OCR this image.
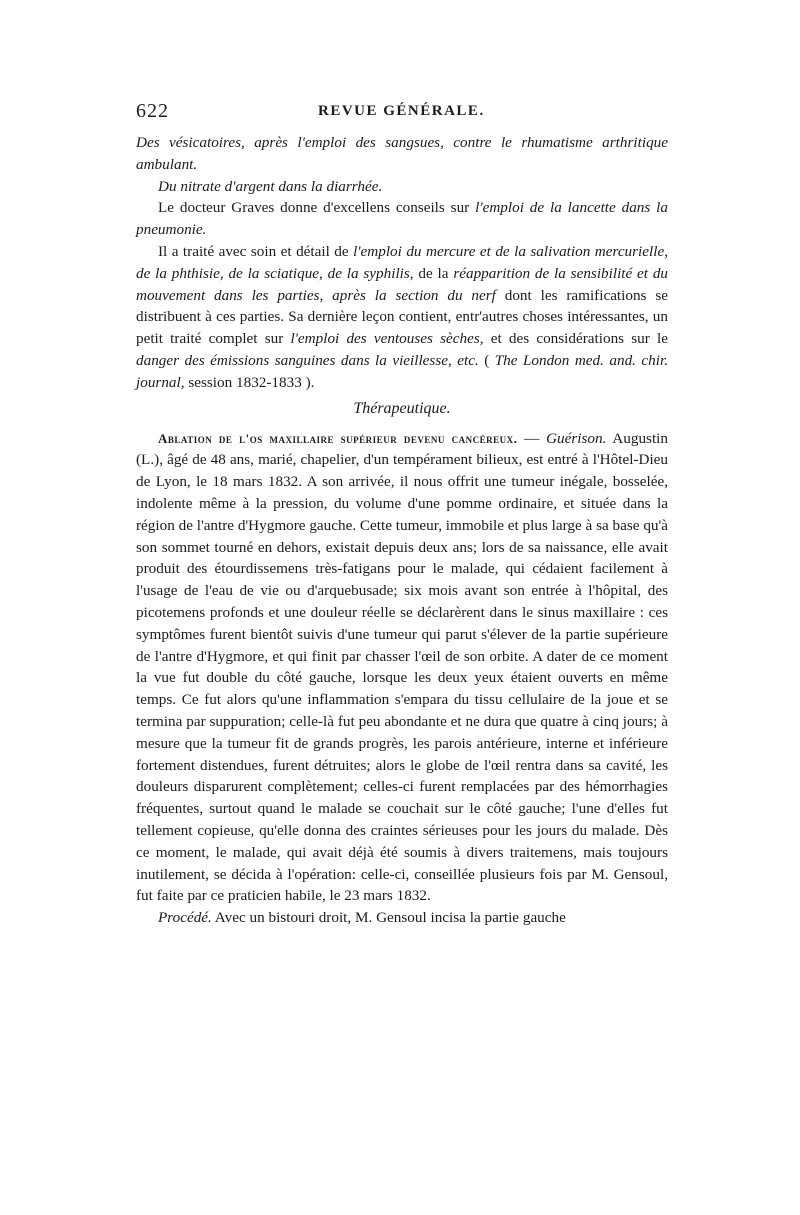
622	REVUE GÉNÉRALE.

Des vésicatoires, après l'emploi des sangsues, contre le rhumatisme arthritique ambulant.

Du nitrate d'argent dans la diarrhée.

Le docteur Graves donne d'excellens conseils sur l'emploi de la lancette dans la pneumonie.

Il a traité avec soin et détail de l'emploi du mercure et de la salivation mercurielle, de la phthisie, de la sciatique, de la syphilis, de la réapparition de la sensibilité et du mouvement dans les parties, après la section du nerf dont les ramifications se distribuent à ces parties. Sa dernière leçon contient, entr'autres choses intéressantes, un petit traité complet sur l'emploi des ventouses sèches, et des considérations sur le danger des émissions sanguines dans la vieillesse, etc. ( The London med. and. chir. journal, session 1832-1833 ).

Thérapeutique.

Ablation de l'os maxillaire supérieur devenu cancéreux. — Guérison. Augustin (L.), âgé de 48 ans, marié, chapelier, d'un tempérament bilieux, est entré à l'Hôtel-Dieu de Lyon, le 18 mars 1832. A son arrivée, il nous offrit une tumeur inégale, bosselée, indolente même à la pression, du volume d'une pomme ordinaire, et située dans la région de l'antre d'Hygmore gauche. Cette tumeur, immobile et plus large à sa base qu'à son sommet tourné en dehors, existait depuis deux ans; lors de sa naissance, elle avait produit des étourdissemens très-fatigans pour le malade, qui cédaient facilement à l'usage de l'eau de vie ou d'arquebusade; six mois avant son entrée à l'hôpital, des picotemens profonds et une douleur réelle se déclarèrent dans le sinus maxillaire : ces symptômes furent bientôt suivis d'une tumeur qui parut s'élever de la partie supérieure de l'antre d'Hygmore, et qui finit par chasser l'œil de son orbite. A dater de ce moment la vue fut double du côté gauche, lorsque les deux yeux étaient ouverts en même temps. Ce fut alors qu'une inflammation s'empara du tissu cellulaire de la joue et se termina par suppuration; celle-là fut peu abondante et ne dura que quatre à cinq jours; à mesure que la tumeur fit de grands progrès, les parois antérieure, interne et inférieure fortement distendues, furent détruites; alors le globe de l'œil rentra dans sa cavité, les douleurs disparurent complètement; celles-ci furent remplacées par des hémorrhagies fréquentes, surtout quand le malade se couchait sur le côté gauche; l'une d'elles fut tellement copieuse, qu'elle donna des craintes sérieuses pour les jours du malade. Dès ce moment, le malade, qui avait déjà été soumis à divers traitemens, mais toujours inutilement, se décida à l'opération: celle-ci, conseillée plusieurs fois par M. Gensoul, fut faite par ce praticien habile, le 23 mars 1832.

Procédé. Avec un bistouri droit, M. Gensoul incisa la partie gauche
